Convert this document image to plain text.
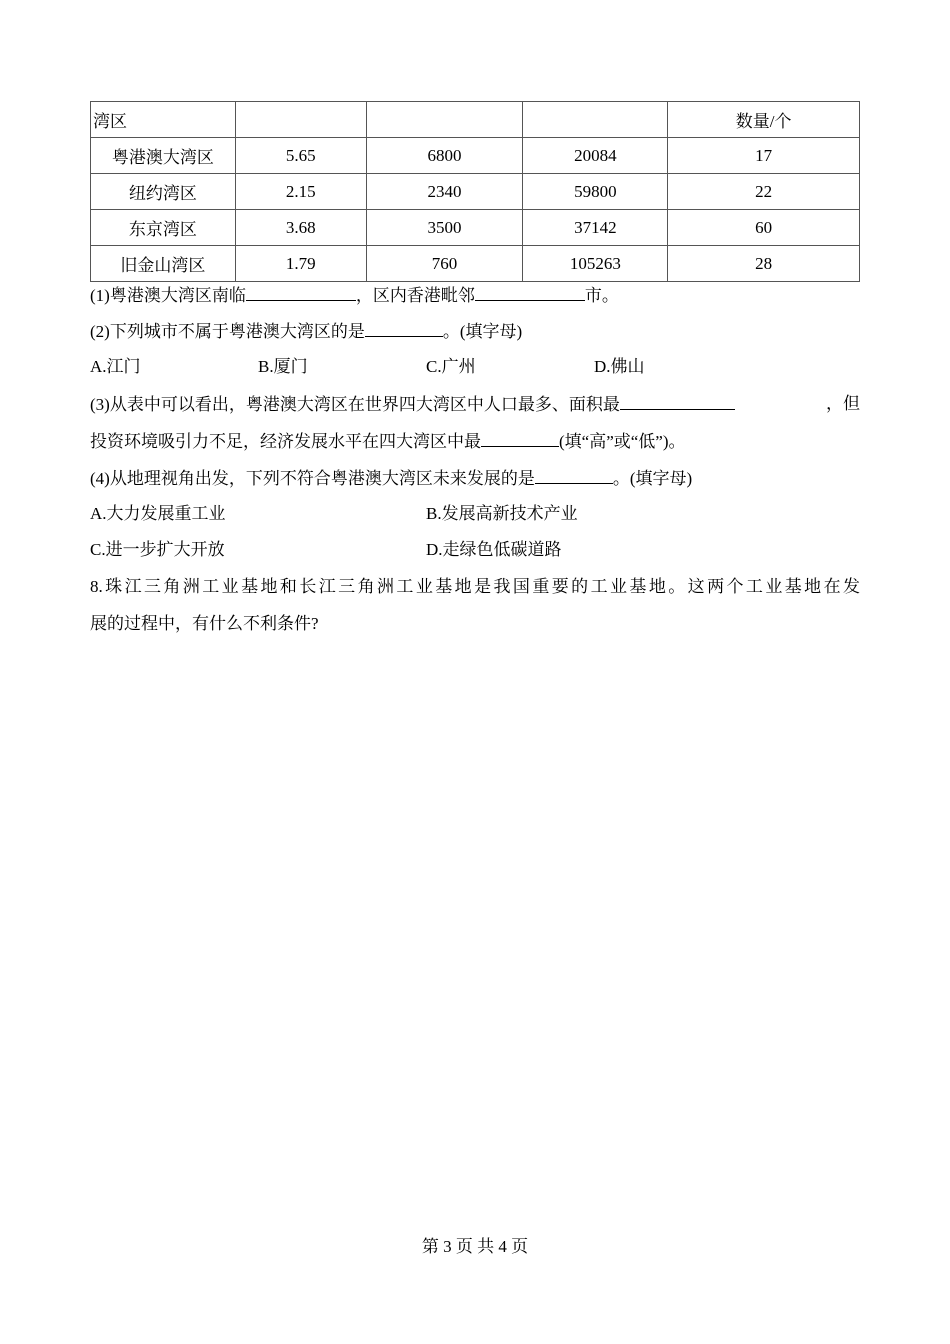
湾区				数量/个
粤港澳大湾区	5.65	6800	20084	17
纽约湾区	2.15	2340	59800	22
东京湾区	3.68	3500	37142	60
旧金山湾区	1.79	760	105263	28
(1)粤港澳大湾区南临	，区内香港毗邻	市。
(2)下列城市不属于粤港澳大湾区的是	。(填字母)
A.江门	B.厦门	C.广州	D.佛山
(3)从表中可以看出，粤港澳大湾区在世界四大湾区中人口最多、面积最	，但
投资环境吸引力不足，经济发展水平在四大湾区中最	(填“高”或“低”)。
(4)从地理视角出发，下列不符合粤港澳大湾区未来发展的是	。(填字母)
A.大力发展重工业	B.发展高新技术产业
C.进一步扩大开放	D.走绿色低碳道路
8.珠江三角洲工业基地和长江三角洲工业基地是我国重要的工业基地。这两个工业基地在发
展的过程中，有什么不利条件?
第 3 页 共 4 页
